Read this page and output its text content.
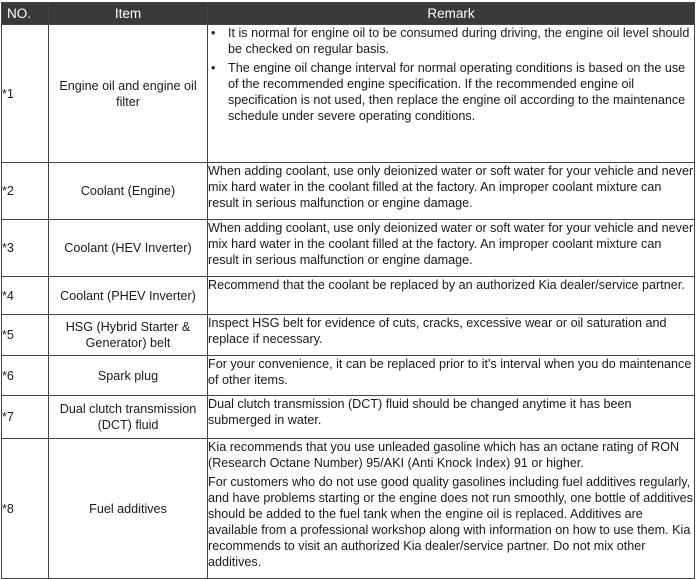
NO.	Item	Remark
*1	Engine oil and engine oil filter	• It is normal for engine oil to be consumed during driving, the engine oil level should be checked on regular basis.
• The engine oil change interval for normal operating conditions is based on the use of the recommended engine specification. If the recommended engine oil specification is not used, then replace the engine oil according to the maintenance schedule under severe operating conditions.

*2	Coolant (Engine)	When adding coolant, use only deionized water or soft water for your vehicle and never mix hard water in the coolant filled at the factory. An improper coolant mixture can result in serious malfunction or engine damage.
*3	Coolant (HEV Inverter)	When adding coolant, use only deionized water or soft water for your vehicle and never mix hard water in the coolant filled at the factory. An improper coolant mixture can result in serious malfunction or engine damage.
*4	Coolant (PHEV Inverter)	Recommend that the coolant be replaced by an authorized Kia dealer/service partner.
*5	HSG (Hybrid Starter & Generator) belt	Inspect HSG belt for evidence of cuts, cracks, excessive wear or oil saturation and replace if necessary.
*6	Spark plug	For your convenience, it can be replaced prior to it's interval when you do maintenance of other items.
*7	Dual clutch transmission (DCT) fluid	Dual clutch transmission (DCT) fluid should be changed anytime it has been submerged in water.
*8	Fuel additives	Kia recommends that you use unleaded gasoline which has an octane rating of RON (Research Octane Number) 95/AKI (Anti Knock Index) 91 or higher.
For customers who do not use good quality gasolines including fuel additives regularly, and have problems starting or the engine does not run smoothly, one bottle of additives should be added to the fuel tank when the engine oil is replaced. Additives are available from a professional workshop along with information on how to use them. Kia recommends to visit an authorized Kia dealer/service partner. Do not mix other additives.
